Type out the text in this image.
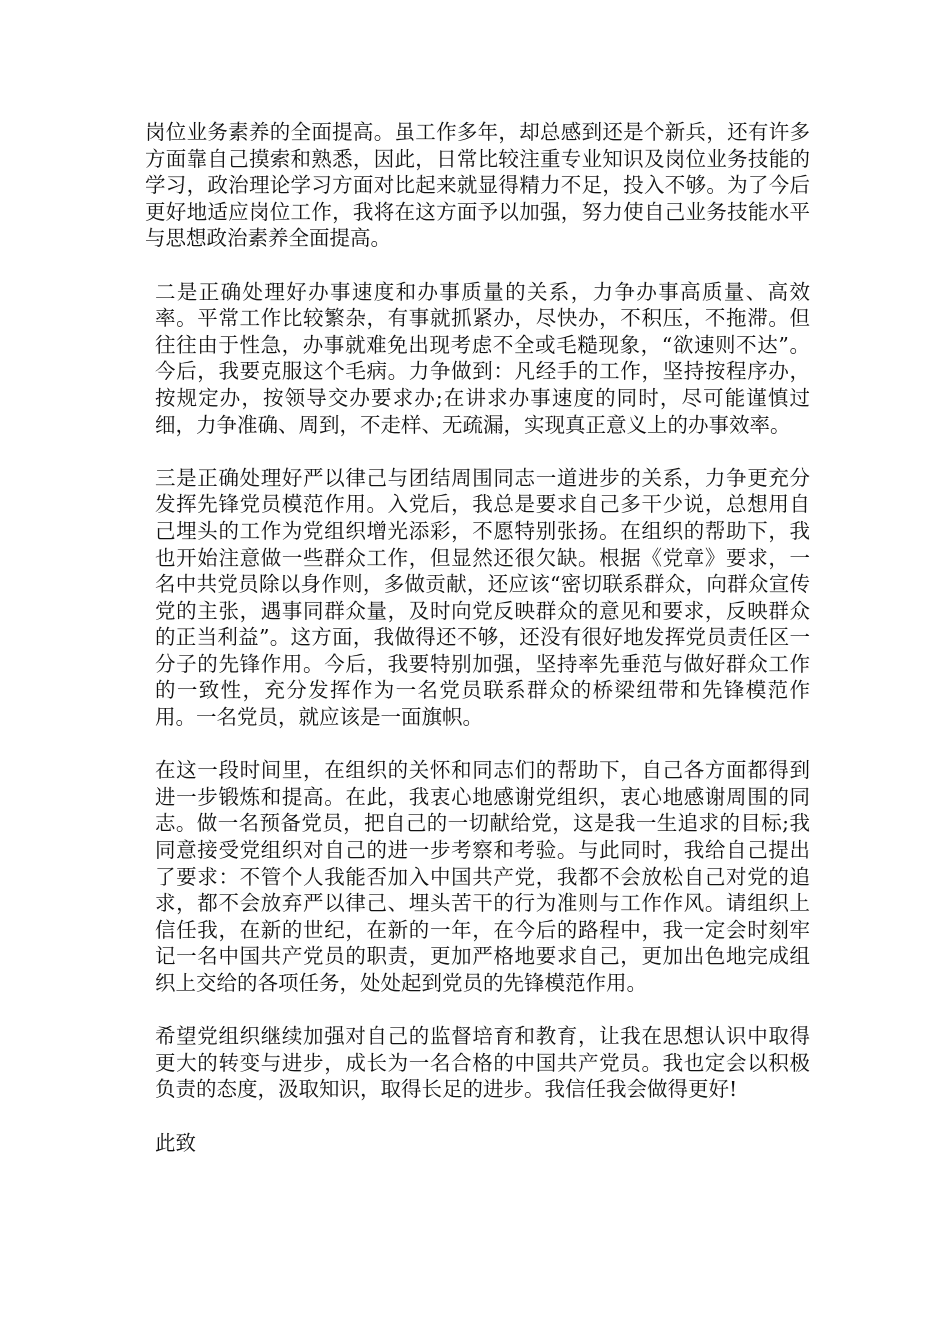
岗位业务素养的全面提高。虽工作多年，却总感到还是个新兵，还有许多方面靠自己摸索和熟悉，因此，日常比较注重专业知识及岗位业务技能的学习，政治理论学习方面对比起来就显得精力不足，投入不够。为了今后更好地适应岗位工作，我将在这方面予以加强，努力使自己业务技能水平与思想政治素养全面提高。

二是正确处理好办事速度和办事质量的关系，力争办事高质量、高效率。平常工作比较繁杂，有事就抓紧办，尽快办，不积压，不拖滞。但往往由于性急，办事就难免出现考虑不全或毛糙现象，“欲速则不达”。今后，我要克服这个毛病。力争做到：凡经手的工作，坚持按程序办，按规定办，按领导交办要求办;在讲求办事速度的同时，尽可能谨慎过细，力争准确、周到，不走样、无疏漏，实现真正意义上的办事效率。

三是正确处理好严以律己与团结周围同志一道进步的关系，力争更充分发挥先锋党员模范作用。入党后，我总是要求自己多干少说，总想用自己埋头的工作为党组织增光添彩，不愿特别张扬。在组织的帮助下，我也开始注意做一些群众工作，但显然还很欠缺。根据《党章》要求，一名中共党员除以身作则，多做贡献，还应该“密切联系群众，向群众宣传党的主张，遇事同群众量，及时向党反映群众的意见和要求，反映群众的正当利益”。这方面，我做得还不够，还没有很好地发挥党员责任区一分子的先锋作用。今后，我要特别加强，坚持率先垂范与做好群众工作的一致性，充分发挥作为一名党员联系群众的桥梁纽带和先锋模范作用。一名党员，就应该是一面旗帜。

在这一段时间里，在组织的关怀和同志们的帮助下，自己各方面都得到进一步锻炼和提高。在此，我衷心地感谢党组织，衷心地感谢周围的同志。做一名预备党员，把自己的一切献给党，这是我一生追求的目标;我同意接受党组织对自己的进一步考察和考验。与此同时，我给自己提出了要求：不管个人我能否加入中国共产党，我都不会放松自己对党的追求，都不会放弃严以律己、埋头苦干的行为准则与工作作风。请组织上信任我，在新的世纪，在新的一年，在今后的路程中，我一定会时刻牢记一名中国共产党员的职责，更加严格地要求自己，更加出色地完成组织上交给的各项任务，处处起到党员的先锋模范作用。

希望党组织继续加强对自己的监督培育和教育，让我在思想认识中取得更大的转变与进步，成长为一名合格的中国共产党员。我也定会以积极负责的态度，汲取知识，取得长足的进步。我信任我会做得更好!

此致
